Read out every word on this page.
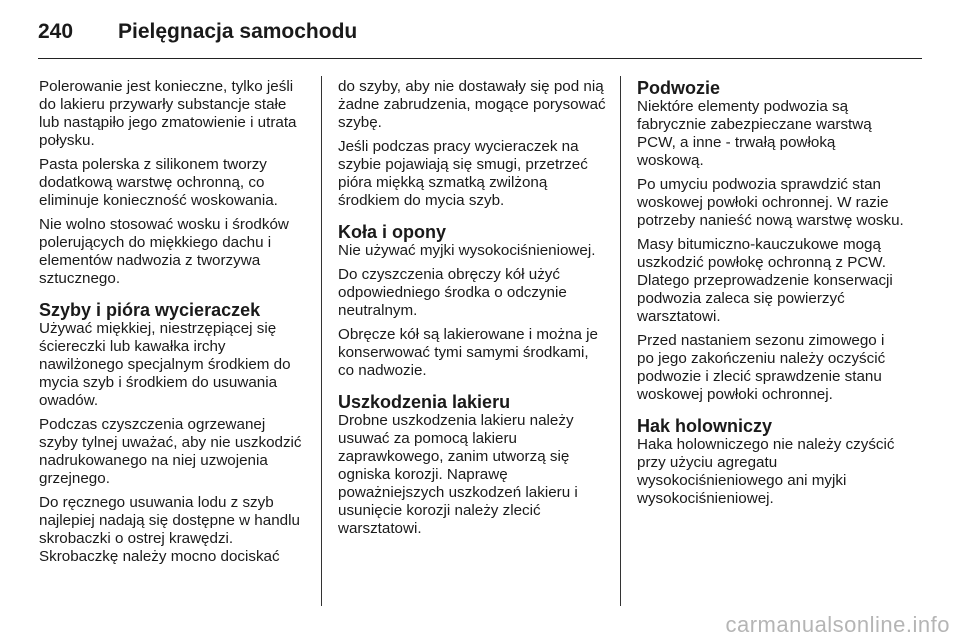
240	Pielęgnacja samochodu

Polerowanie jest konieczne, tylko jeśli do lakieru przywarły substancje stałe lub nastąpiło jego zmatowienie i utrata połysku.

Pasta polerska z silikonem tworzy dodatkową warstwę ochronną, co eliminuje konieczność woskowania.

Nie wolno stosować wosku i środków polerujących do miękkiego dachu i elementów nadwozia z tworzywa sztucznego.

Szyby i pióra wycieraczek

Używać miękkiej, niestrzępiącej się ściereczki lub kawałka irchy nawilżonego specjalnym środkiem do mycia szyb i środkiem do usuwania owadów.

Podczas czyszczenia ogrzewanej szyby tylnej uważać, aby nie uszkodzić nadrukowanego na niej uzwojenia grzejnego.

Do ręcznego usuwania lodu z szyb najlepiej nadają się dostępne w handlu skrobaczki o ostrej krawędzi. Skrobaczkę należy mocno dociskać

do szyby, aby nie dostawały się pod nią żadne zabrudzenia, mogące porysować szybę.

Jeśli podczas pracy wycieraczek na szybie pojawiają się smugi, przetrzeć pióra miękką szmatką zwilżoną środkiem do mycia szyb.

Koła i opony

Nie używać myjki wysokociśnieniowej.

Do czyszczenia obręczy kół użyć odpowiedniego środka o odczynie neutralnym.

Obręcze kół są lakierowane i można je konserwować tymi samymi środkami, co nadwozie.

Uszkodzenia lakieru

Drobne uszkodzenia lakieru należy usuwać za pomocą lakieru zaprawkowego, zanim utworzą się ogniska korozji. Naprawę poważniejszych uszkodzeń lakieru i usunięcie korozji należy zlecić warsztatowi.

Podwozie

Niektóre elementy podwozia są fabrycznie zabezpieczane warstwą PCW, a inne - trwałą powłoką woskową.

Po umyciu podwozia sprawdzić stan woskowej powłoki ochronnej. W razie potrzeby nanieść nową warstwę wosku.

Masy bitumiczno-kauczukowe mogą uszkodzić powłokę ochronną z PCW. Dlatego przeprowadzenie konserwacji podwozia zaleca się powierzyć warsztatowi.

Przed nastaniem sezonu zimowego i po jego zakończeniu należy oczyścić podwozie i zlecić sprawdzenie stanu woskowej powłoki ochronnej.

Hak holowniczy

Haka holowniczego nie należy czyścić przy użyciu agregatu wysokociśnieniowego ani myjki wysokociśnieniowej.

carmanualsonline.info
